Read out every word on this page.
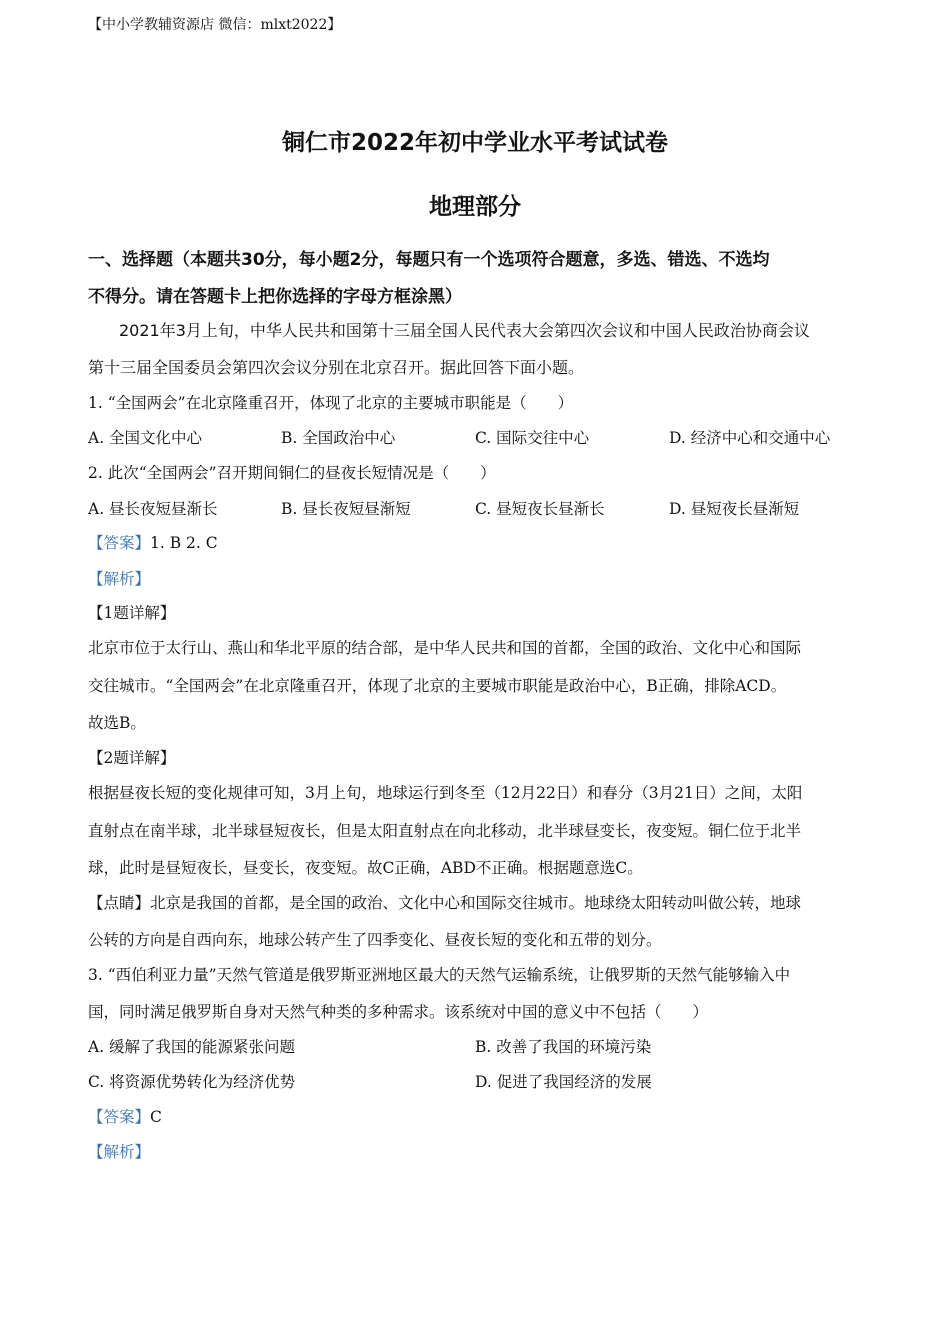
【中小学教辅资源店 微信：mlxt2022】
铜仁市2022年初中学业水平考试试卷
地理部分
一、选择题（本题共30分，每小题2分，每题只有一个选项符合题意，多选、错选、不选均
不得分。请在答题卡上把你选择的字母方框涂黑）
2021年3月上旬，中华人民共和国第十三届全国人民代表大会第四次会议和中国人民政治协商会议
第十三届全国委员会第四次会议分别在北京召开。据此回答下面小题。
1. “全国两会”在北京隆重召开，体现了北京的主要城市职能是（　　）
A. 全国文化中心	B. 全国政治中心	C. 国际交往中心	D. 经济中心和交通中心
2. 此次“全国两会”召开期间铜仁的昼夜长短情况是（　　）
A. 昼长夜短昼渐长	B. 昼长夜短昼渐短	C. 昼短夜长昼渐长	D. 昼短夜长昼渐短
【答案】1. B 2. C
【解析】
【1题详解】
北京市位于太行山、燕山和华北平原的结合部，是中华人民共和国的首都，全国的政治、文化中心和国际
交往城市。“全国两会”在北京隆重召开，体现了北京的主要城市职能是政治中心，B正确，排除ACD。
故选B。
【2题详解】
根据昼夜长短的变化规律可知，3月上旬，地球运行到冬至（12月22日）和春分（3月21日）之间，太阳
直射点在南半球，北半球昼短夜长，但是太阳直射点在向北移动，北半球昼变长，夜变短。铜仁位于北半
球，此时是昼短夜长，昼变长，夜变短。故C正确，ABD不正确。根据题意选C。
【点睛】北京是我国的首都，是全国的政治、文化中心和国际交往城市。地球绕太阳转动叫做公转，地球
公转的方向是自西向东，地球公转产生了四季变化、昼夜长短的变化和五带的划分。
3. “西伯利亚力量”天然气管道是俄罗斯亚洲地区最大的天然气运输系统，让俄罗斯的天然气能够输入中
国，同时满足俄罗斯自身对天然气种类的多种需求。该系统对中国的意义中不包括（　　）
A. 缓解了我国的能源紧张问题	B. 改善了我国的环境污染
C. 将资源优势转化为经济优势	D. 促进了我国经济的发展
【答案】C
【解析】
